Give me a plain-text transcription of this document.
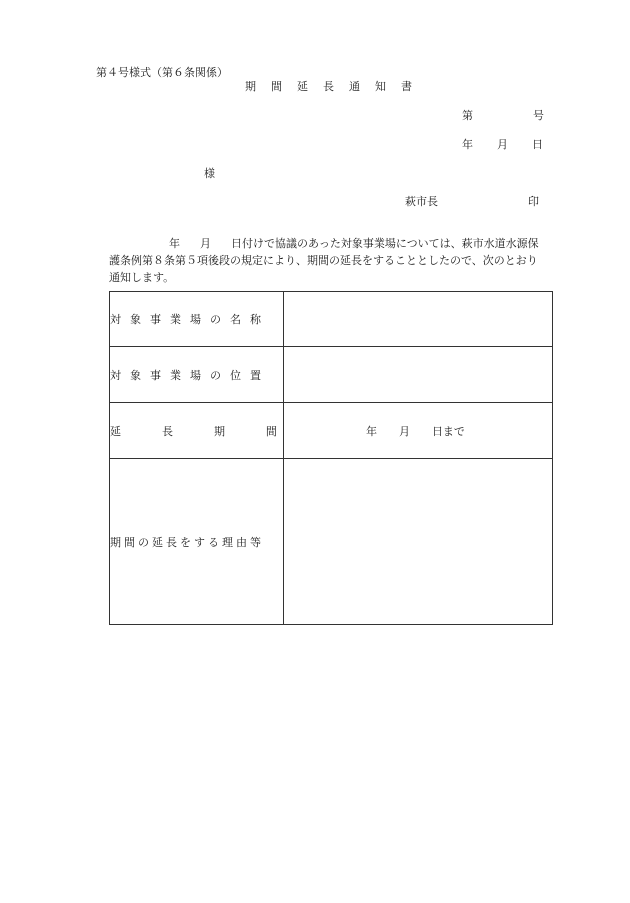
第４号様式（第６条関係）
期間延長通知書
第	号
年 月 日
様
萩市長	印
年 月 日付けで協議のあった対象事業場については、萩市水道水源保
護条例第８条第５項後段の規定により、期間の延長をすることとしたので、次のとおり
通知します。
対象事業場の名称	
対象事業場の位置	

延 長 期 間	年 月 日まで

期間の延長をする理由等	
